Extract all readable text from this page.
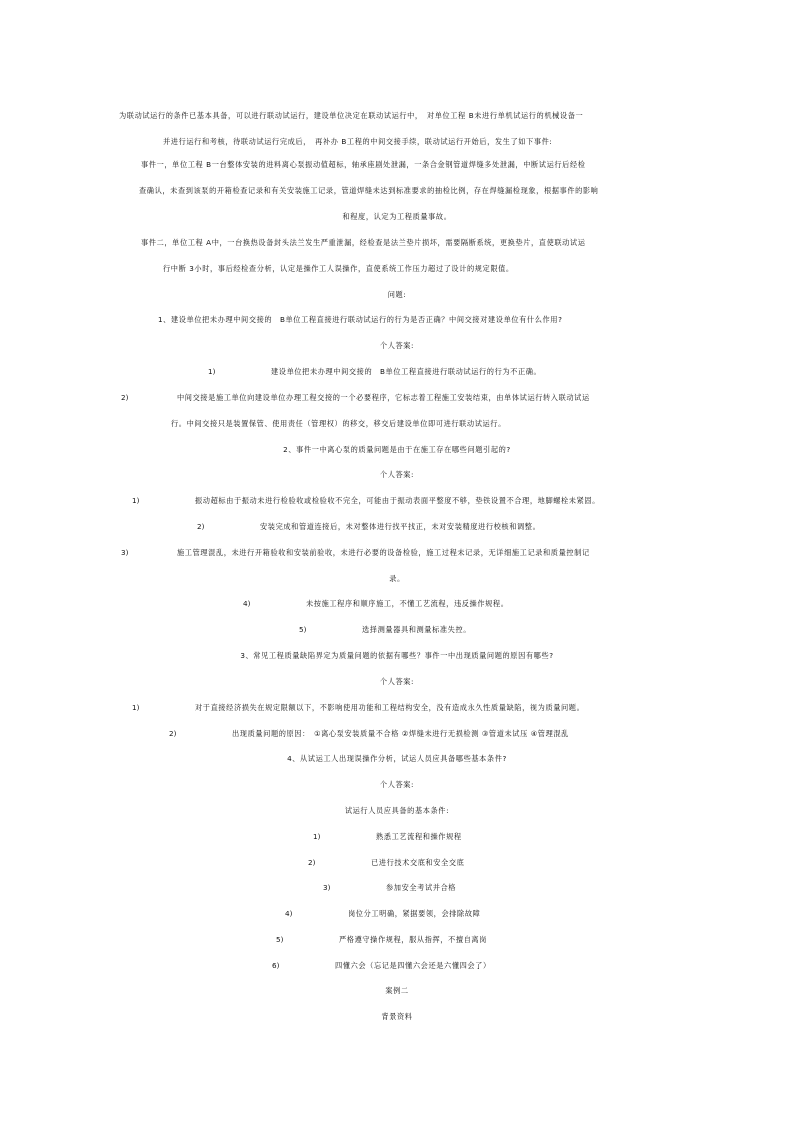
为联动试运行的条件已基本具备，可以进行联动试运行，建设单位决定在联动试运行中，　对单位工程 B未进行单机试运行的机械设备一
并进行运行和考核，待联动试运行完成后，　再补办 B工程的中间交接手续，联动试运行开始后，发生了如下事件:
事件一，单位工程 B一台整体安装的进料离心泵振动值超标，轴承座剧处泄漏，一条合金钢管道焊缝多处泄漏，中断试运行后经检
查确认，未查到该泵的开箱检查记录和有关安装施工记录，管道焊缝未达到标准要求的抽检比例，存在焊缝漏检现象，根据事件的影响
和程度，认定为工程质量事故。
事件二，单位工程 A中，一台换热设备封头法兰发生严重泄漏，经检查是法兰垫片损坏，需要隔断系统，更换垫片，直使联动试运
行中断 3小时，事后经检查分析，认定是操作工人误操作，直使系统工作压力超过了设计的规定限值。
问题:
1、建设单位把未办理中间交接的　B单位工程直接进行联动试运行的行为是否正确？中间交接对建设单位有什么作用?
个人答案:
1)	建设单位把未办理中间交接的　B单位工程直接进行联动试运行的行为不正确。
2)	中间交接是施工单位向建设单位办理工程交接的一个必要程序，它标志着工程施工安装结束，由单体试运行转入联动试运
行。中间交接只是装置保管、使用责任（管理权）的移交，移交后建设单位即可进行联动试运行。
2、事件一中离心泵的质量问题是由于在施工存在哪些问题引起的?
个人答案:
1)	振动超标由于振动未进行检验收或检验收不完全，可能由于振动表面平整度不够，垫铁设置不合理，地脚螺栓未紧固。
2)	安装完成和管道连接后，未对整体进行找平找正，未对安装精度进行校核和调整。
3)	施工管理混乱，未进行开箱验收和安装前验收，未进行必要的设备检验，施工过程未记录，无详细施工记录和质量控制记
录。
4)	未按施工程序和顺序施工，不懂工艺流程，违反操作规程。
5)	选择测量器具和测量标准失控。
3、常见工程质量缺陷界定为质量问题的依据有哪些？事件一中出现质量问题的原因有哪些?
个人答案:
1)	对于直接经济损失在规定限额以下，不影响使用功能和工程结构安全，没有造成永久性质量缺陷，视为质量问题。
2)	出现质量问题的原因：　①离心泵安装质量不合格 ②焊缝未进行无损检测 ③管道未试压 ④管理混乱
4、从试运工人出现误操作分析，试运人员应具备哪些基本条件?
个人答案:
试运行人员应具备的基本条件:
1)	熟悉工艺流程和操作规程
2)	已进行技术交底和安全交底
3)	参加安全考试并合格
4)	岗位分工明确，紧据要领，会排除故障
5)	严格遵守操作规程，服从指挥，不擅自离岗
6)	四懂六会（忘记是四懂六会还是六懂四会了）
案例二
背景资料
